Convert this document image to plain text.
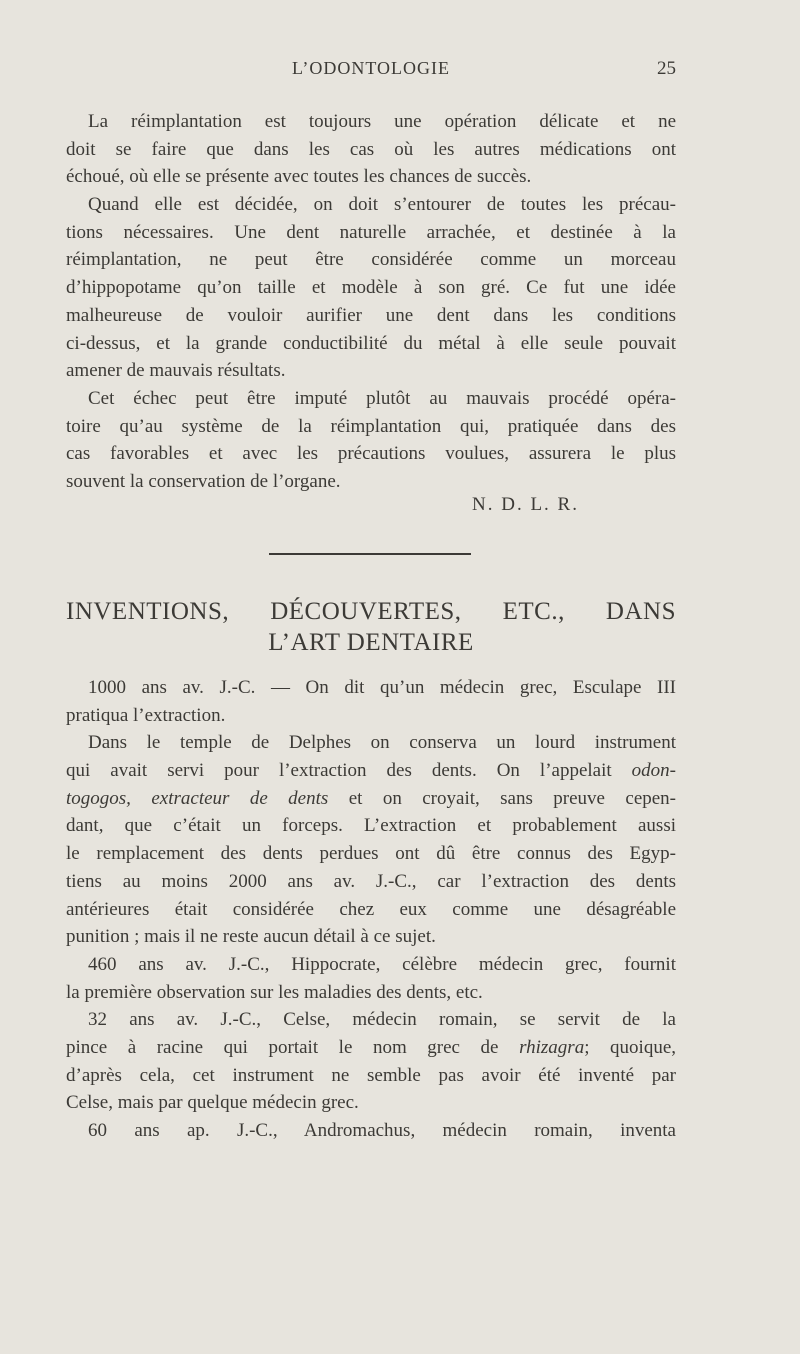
L’ODONTOLOGIE	25
La réimplantation est toujours une opération délicate et ne
doit se faire que dans les cas où les autres médications ont
échoué, où elle se présente avec toutes les chances de succès.
Quand elle est décidée, on doit s’entourer de toutes les précau-
tions nécessaires. Une dent naturelle arrachée, et destinée à la
réimplantation, ne peut être considérée comme un morceau
d’hippopotame qu’on taille et modèle à son gré. Ce fut une idée
malheureuse de vouloir aurifier une dent dans les conditions
ci-dessus, et la grande conductibilité du métal à elle seule pouvait
amener de mauvais résultats.
Cet échec peut être imputé plutôt au mauvais procédé opéra-
toire qu’au système de la réimplantation qui, pratiquée dans des
cas favorables et avec les précautions voulues, assurera le plus
souvent la conservation de l’organe.
N. D. L. R.
INVENTIONS, DÉCOUVERTES, ETC., DANS
L’ART DENTAIRE
1000 ans av. J.-C. — On dit qu’un médecin grec, Esculape III
pratiqua l’extraction.
Dans le temple de Delphes on conserva un lourd instrument
qui avait servi pour l’extraction des dents. On l’appelait odon-
togogos, extracteur de dents et on croyait, sans preuve cepen-
dant, que c’était un forceps. L’extraction et probablement aussi
le remplacement des dents perdues ont dû être connus des Egyp-
tiens au moins 2000 ans av. J.-C., car l’extraction des dents
antérieures était considérée chez eux comme une désagréable
punition ; mais il ne reste aucun détail à ce sujet.
460 ans av. J.-C., Hippocrate, célèbre médecin grec, fournit
la première observation sur les maladies des dents, etc.
32 ans av. J.-C., Celse, médecin romain, se servit de la
pince à racine qui portait le nom grec de rhizagra; quoique,
d’après cela, cet instrument ne semble pas avoir été inventé par
Celse, mais par quelque médecin grec.
60 ans ap. J.-C., Andromachus, médecin romain, inventa
